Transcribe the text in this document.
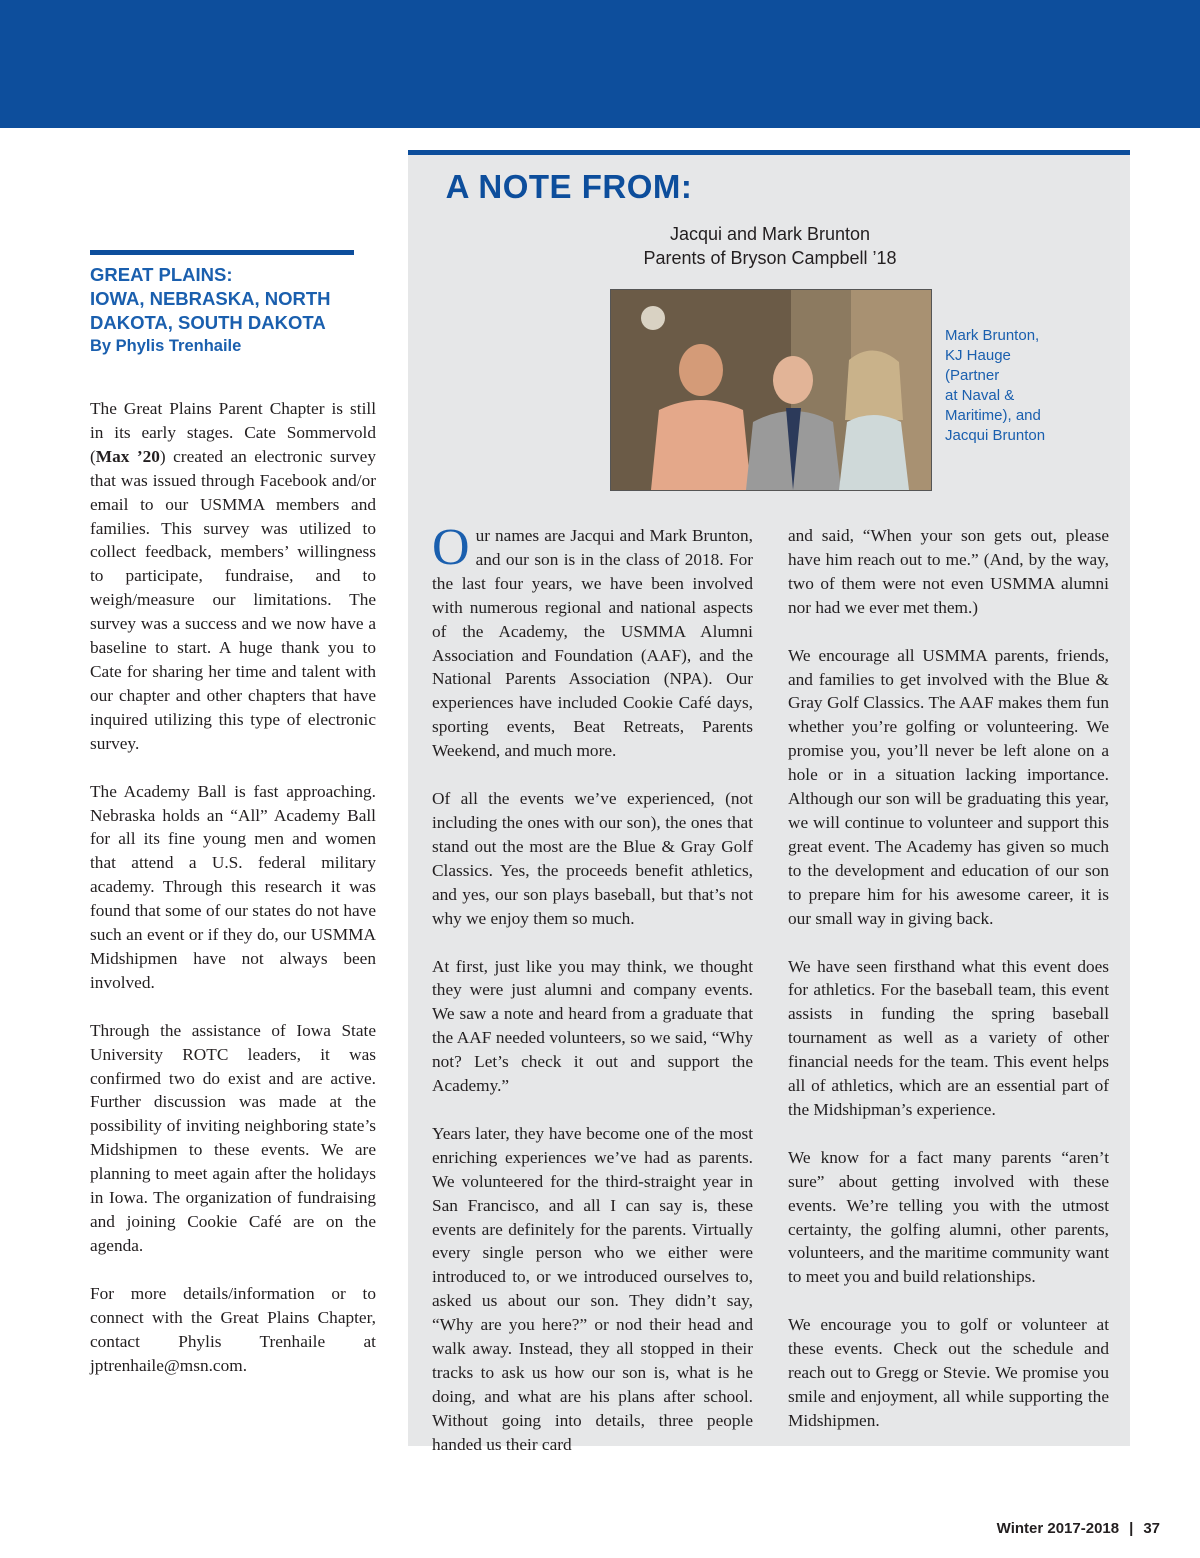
GREAT PLAINS:
IOWA, NEBRASKA, NORTH
DAKOTA, SOUTH DAKOTA
By Phylis Trenhaile

The Great Plains Parent Chapter is still in its early stages. Cate Sommervold (Max ’20) created an electronic survey that was issued through Facebook and/or email to our USMMA members and families. This survey was utilized to collect feedback, members’ willingness to participate, fundraise, and to weigh/measure our limitations. The survey was a success and we now have a baseline to start. A huge thank you to Cate for sharing her time and talent with our chapter and other chapters that have inquired utilizing this type of electronic survey.

The Academy Ball is fast approaching. Nebraska holds an “All” Academy Ball for all its fine young men and women that attend a U.S. federal military academy. Through this research it was found that some of our states do not have such an event or if they do, our USMMA Midshipmen have not always been involved.

Through the assistance of Iowa State University ROTC leaders, it was confirmed two do exist and are active. Further discussion was made at the possibility of inviting neighboring state’s Midshipmen to these events. We are planning to meet again after the holidays in Iowa. The organization of fundraising and joining Cookie Café are on the agenda.

For more details/information or to connect with the Great Plains Chapter, contact Phylis Trenhaile at jptrenhaile@msn.com.

A NOTE FROM:
Jacqui and Mark Brunton
Parents of Bryson Campbell ’18
Mark Brunton,
KJ Hauge
(Partner
at Naval &
Maritime), and
Jacqui Brunton

Our names are Jacqui and Mark Brunton, and our son is in the class of 2018. For the last four years, we have been involved with numerous regional and national aspects of the Academy, the USMMA Alumni Association and Foundation (AAF), and the National Parents Association (NPA). Our experiences have included Cookie Café days, sporting events, Beat Retreats, Parents Weekend, and much more.

Of all the events we’ve experienced, (not including the ones with our son), the ones that stand out the most are the Blue & Gray Golf Classics. Yes, the proceeds benefit athletics, and yes, our son plays baseball, but that’s not why we enjoy them so much.

At first, just like you may think, we thought they were just alumni and company events. We saw a note and heard from a graduate that the AAF needed volunteers, so we said, “Why not? Let’s check it out and support the Academy.”

Years later, they have become one of the most enriching experiences we’ve had as parents. We volunteered for the third-straight year in San Francisco, and all I can say is, these events are definitely for the parents. Virtually every single person who we either were introduced to, or we introduced ourselves to, asked us about our son. They didn’t say, “Why are you here?” or nod their head and walk away. Instead, they all stopped in their tracks to ask us how our son is, what is he doing, and what are his plans after school. Without going into details, three people handed us their card

and said, “When your son gets out, please have him reach out to me.” (And, by the way, two of them were not even USMMA alumni nor had we ever met them.)

We encourage all USMMA parents, friends, and families to get involved with the Blue & Gray Golf Classics. The AAF makes them fun whether you’re golfing or volunteering. We promise you, you’ll never be left alone on a hole or in a situation lacking importance. Although our son will be graduating this year, we will continue to volunteer and support this great event. The Academy has given so much to the development and education of our son to prepare him for his awesome career, it is our small way in giving back.

We have seen firsthand what this event does for athletics. For the baseball team, this event assists in funding the spring baseball tournament as well as a variety of other financial needs for the team. This event helps all of athletics, which are an essential part of the Midshipman’s experience.

We know for a fact many parents “aren’t sure” about getting involved with these events. We’re telling you with the utmost certainty, the golfing alumni, other parents, volunteers, and the maritime community want to meet you and build relationships.

We encourage you to golf or volunteer at these events. Check out the schedule and reach out to Gregg or Stevie. We promise you smile and enjoyment, all while supporting the Midshipmen.

Winter 2017-2018 | 37
